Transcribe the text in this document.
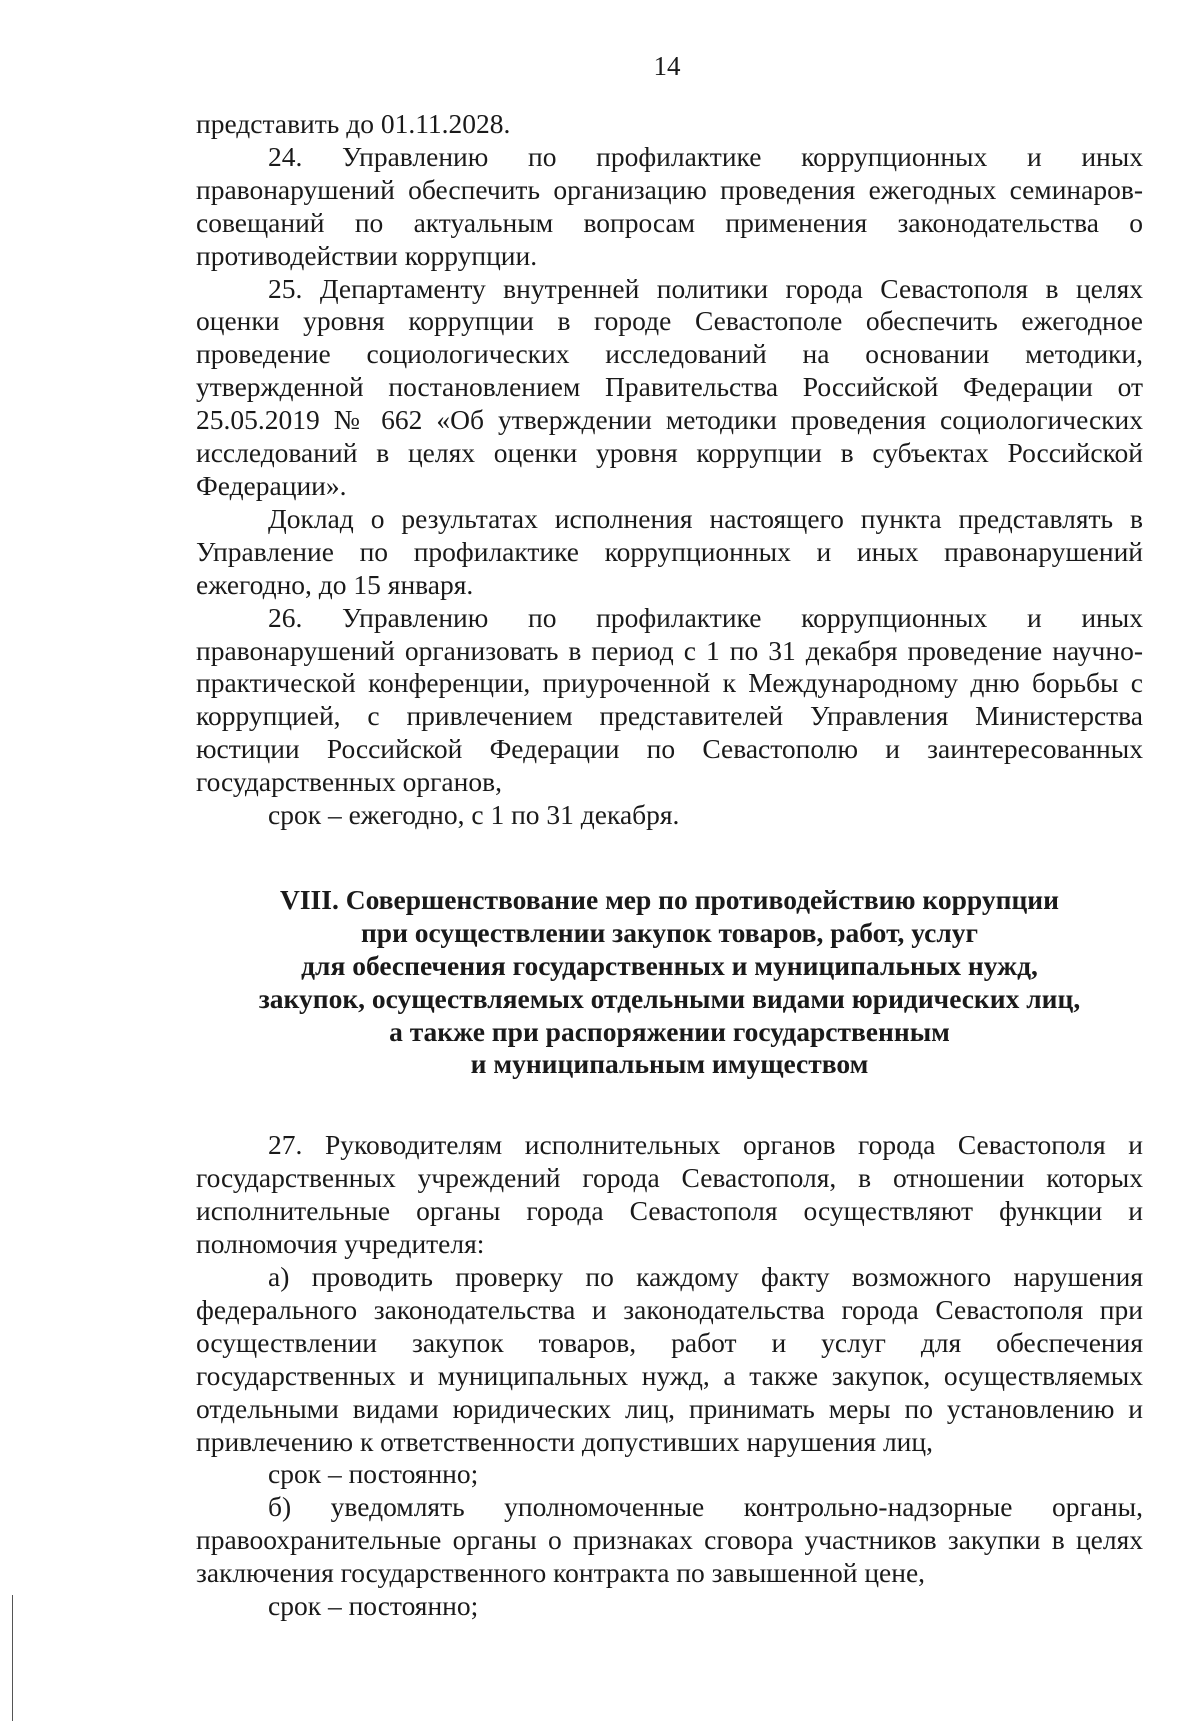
14

представить до 01.11.2028.

24. Управлению по профилактике коррупционных и иных правонарушений обеспечить организацию проведения ежегодных семинаров-совещаний по актуальным вопросам применения законодательства о противодействии коррупции.

25. Департаменту внутренней политики города Севастополя в целях оценки уровня коррупции в городе Севастополе обеспечить ежегодное проведение социологических исследований на основании методики, утвержденной постановлением Правительства Российской Федерации от 25.05.2019 № 662 «Об утверждении методики проведения социологических исследований в целях оценки уровня коррупции в субъектах Российской Федерации».

Доклад о результатах исполнения настоящего пункта представлять в Управление по профилактике коррупционных и иных правонарушений ежегодно, до 15 января.

26. Управлению по профилактике коррупционных и иных правонарушений организовать в период с 1 по 31 декабря проведение научно-практической конференции, приуроченной к Международному дню борьбы с коррупцией, с привлечением представителей Управления Министерства юстиции Российской Федерации по Севастополю и заинтересованных государственных органов,

срок – ежегодно, с 1 по 31 декабря.

VIII. Совершенствование мер по противодействию коррупции
при осуществлении закупок товаров, работ, услуг
для обеспечения государственных и муниципальных нужд,
закупок, осуществляемых отдельными видами юридических лиц,
а также при распоряжении государственным
и муниципальным имуществом

27. Руководителям исполнительных органов города Севастополя и государственных учреждений города Севастополя, в отношении которых исполнительные органы города Севастополя осуществляют функции и полномочия учредителя:

а) проводить проверку по каждому факту возможного нарушения федерального законодательства и законодательства города Севастополя при осуществлении закупок товаров, работ и услуг для обеспечения государственных и муниципальных нужд, а также закупок, осуществляемых отдельными видами юридических лиц, принимать меры по установлению и привлечению к ответственности допустивших нарушения лиц,

срок – постоянно;

б) уведомлять уполномоченные контрольно-надзорные органы, правоохранительные органы о признаках сговора участников закупки в целях заключения государственного контракта по завышенной цене,

срок – постоянно;
